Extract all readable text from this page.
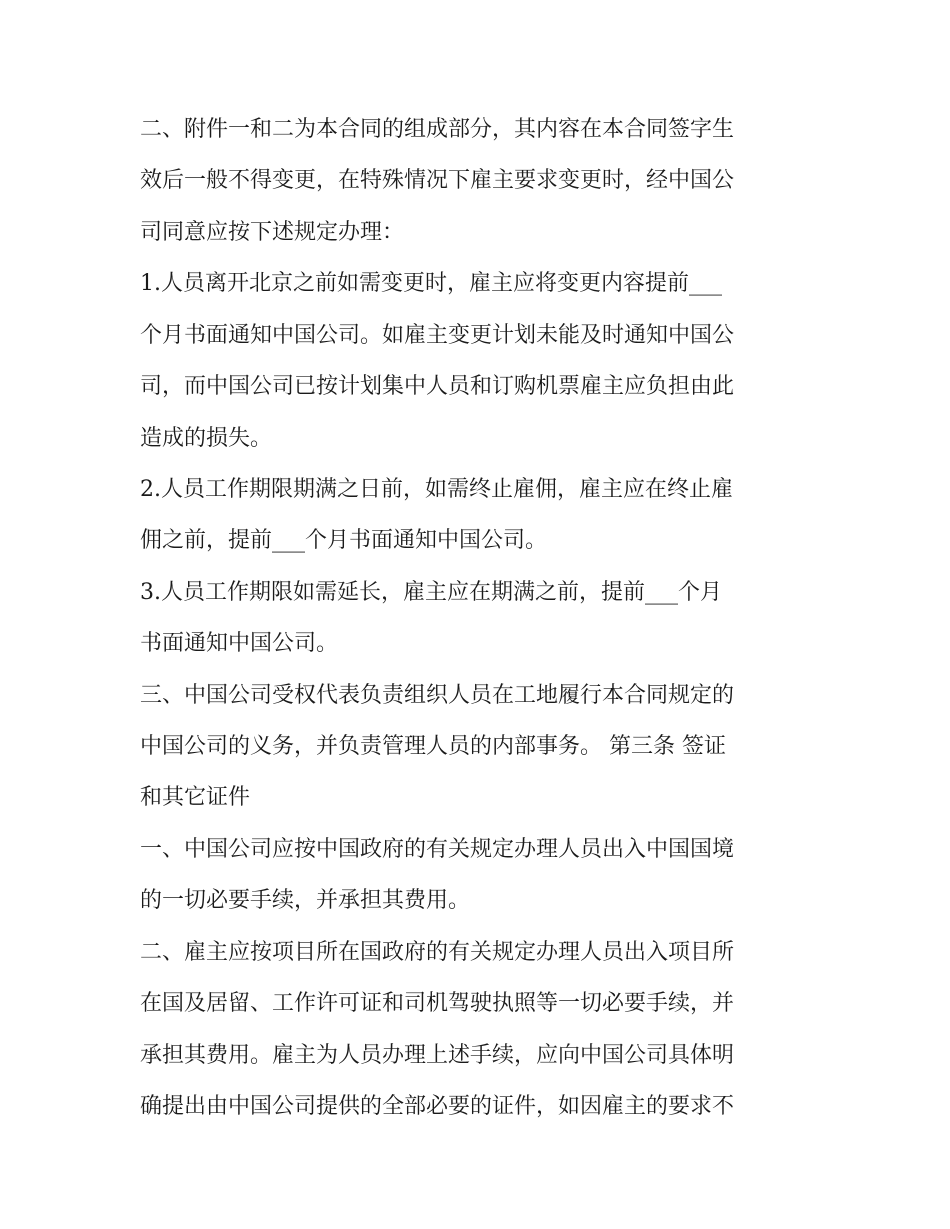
二、附件一和二为本合同的组成部分，其内容在本合同签字生
效后一般不得变更，在特殊情况下雇主要求变更时，经中国公
司同意应按下述规定办理：
1.人员离开北京之前如需变更时，雇主应将变更内容提前___
个月书面通知中国公司。如雇主变更计划未能及时通知中国公
司，而中国公司已按计划集中人员和订购机票雇主应负担由此
造成的损失。
2.人员工作期限期满之日前，如需终止雇佣，雇主应在终止雇
佣之前，提前___个月书面通知中国公司。
3.人员工作期限如需延长，雇主应在期满之前，提前___个月
书面通知中国公司。
三、中国公司受权代表负责组织人员在工地履行本合同规定的
中国公司的义务，并负责管理人员的内部事务。 第三条 签证
和其它证件
一、中国公司应按中国政府的有关规定办理人员出入中国国境
的一切必要手续，并承担其费用。
二、雇主应按项目所在国政府的有关规定办理人员出入项目所
在国及居留、工作许可证和司机驾驶执照等一切必要手续，并
承担其费用。雇主为人员办理上述手续，应向中国公司具体明
确提出由中国公司提供的全部必要的证件，如因雇主的要求不
